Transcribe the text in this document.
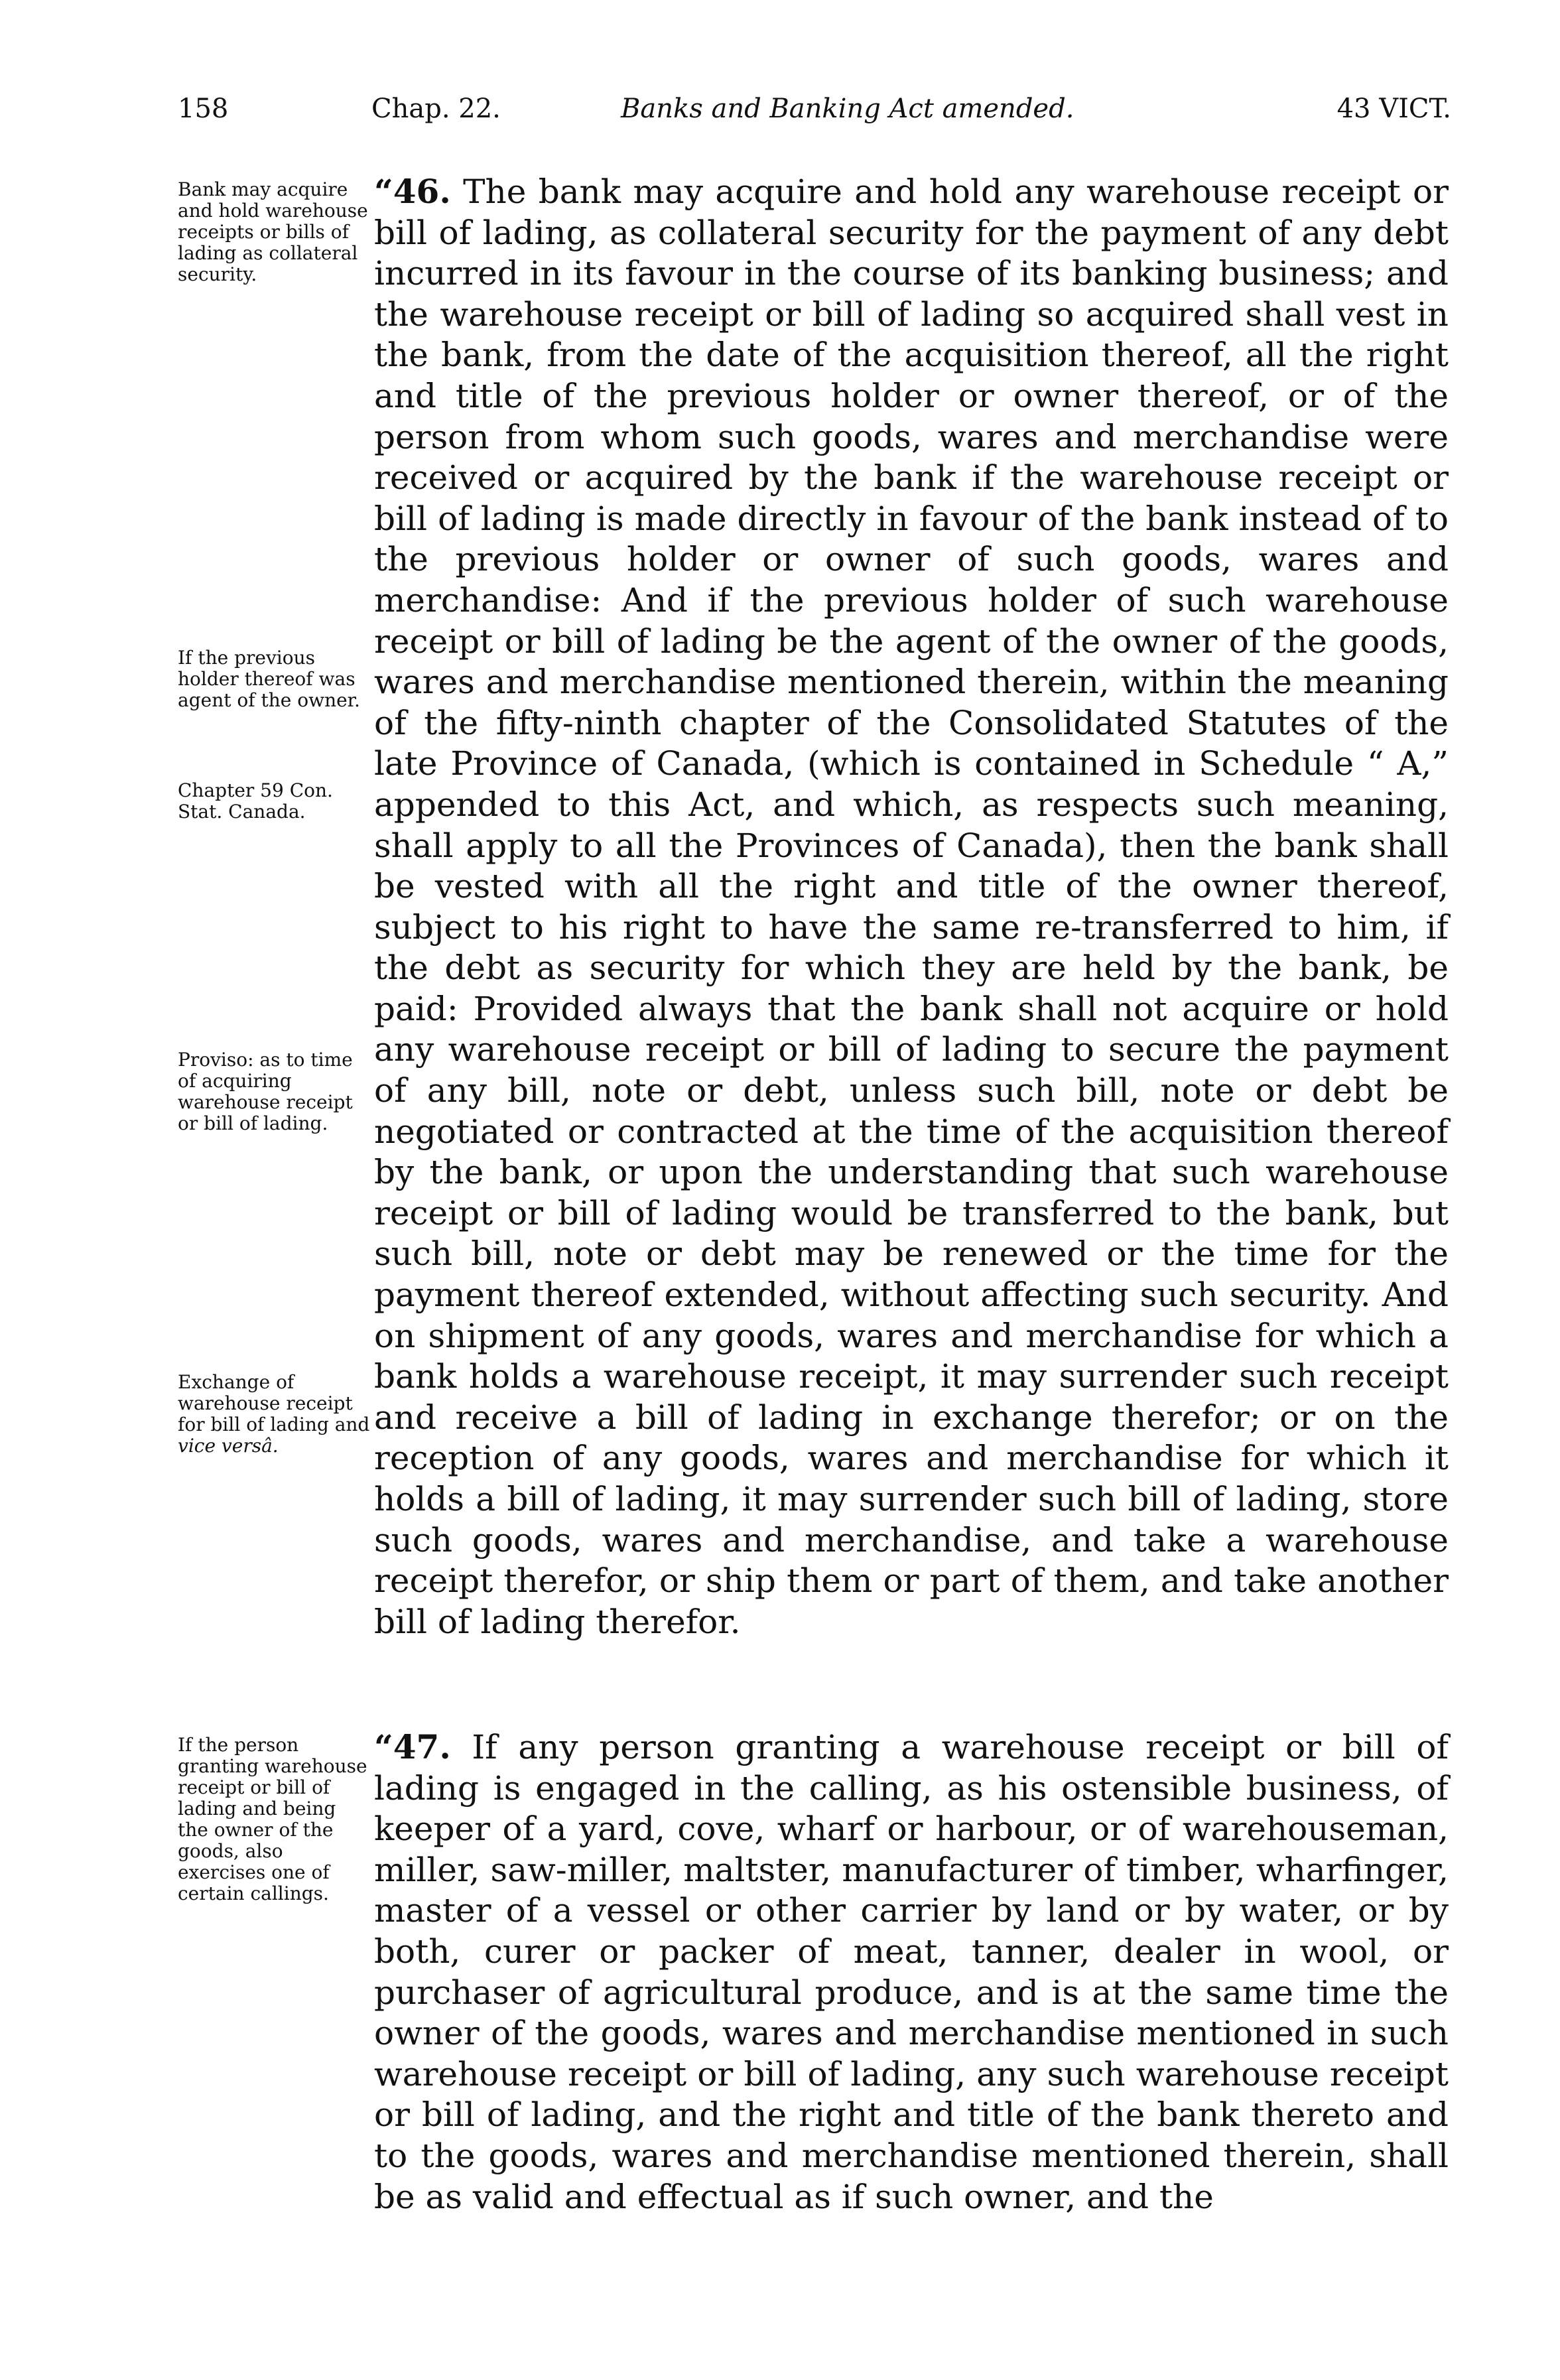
158	Chap. 22.	Banks and Banking Act amended.	43 VICT.

“46. The bank may acquire and hold any warehouse receipt or bill of lading, as collateral security for the payment of any debt incurred in its favour in the course of its banking business; and the warehouse receipt or bill of lading so acquired shall vest in the bank, from the date of the acquisition thereof, all the right and title of the previous holder or owner thereof, or of the person from whom such goods, wares and merchandise were received or acquired by the bank if the warehouse receipt or bill of lading is made directly in favour of the bank instead of to the previous holder or owner of such goods, wares and merchandise: And if the previous holder of such warehouse receipt or bill of lading be the agent of the owner of the goods, wares and merchandise mentioned therein, within the meaning of the fifty-ninth chapter of the Consolidated Statutes of the late Province of Canada, (which is contained in Schedule “ A,” appended to this Act, and which, as respects such meaning, shall apply to all the Provinces of Canada), then the bank shall be vested with all the right and title of the owner thereof, subject to his right to have the same re-transferred to him, if the debt as security for which they are held by the bank, be paid: Provided always that the bank shall not acquire or hold any warehouse receipt or bill of lading to secure the payment of any bill, note or debt, unless such bill, note or debt be negotiated or contracted at the time of the acquisition thereof by the bank, or upon the understanding that such warehouse receipt or bill of lading would be transferred to the bank, but such bill, note or debt may be renewed or the time for the payment thereof extended, without affecting such security. And on shipment of any goods, wares and merchandise for which a bank holds a warehouse receipt, it may surrender such receipt and receive a bill of lading in exchange therefor; or on the reception of any goods, wares and merchandise for which it holds a bill of lading, it may surrender such bill of lading, store such goods, wares and merchandise, and take a warehouse receipt therefor, or ship them or part of them, and take another bill of lading therefor.

Bank may acquire and hold warehouse receipts or bills of lading as collateral security.

If the previous holder thereof was agent of the owner.

Chapter 59 Con. Stat. Canada.

Proviso: as to time of acquiring warehouse receipt or bill of lading.

Exchange of warehouse receipt for bill of lading and vice versâ.

“47. If any person granting a warehouse receipt or bill of lading is engaged in the calling, as his ostensible business, of keeper of a yard, cove, wharf or harbour, or of warehouseman, miller, saw-miller, maltster, manufacturer of timber, wharfinger, master of a vessel or other carrier by land or by water, or by both, curer or packer of meat, tanner, dealer in wool, or purchaser of agricultural produce, and is at the same time the owner of the goods, wares and merchandise mentioned in such warehouse receipt or bill of lading, any such warehouse receipt or bill of lading, and the right and title of the bank thereto and to the goods, wares and merchandise mentioned therein, shall be as valid and effectual as if such owner, and the

If the person granting warehouse receipt or bill of lading and being the owner of the goods, also exercises one of certain callings.
